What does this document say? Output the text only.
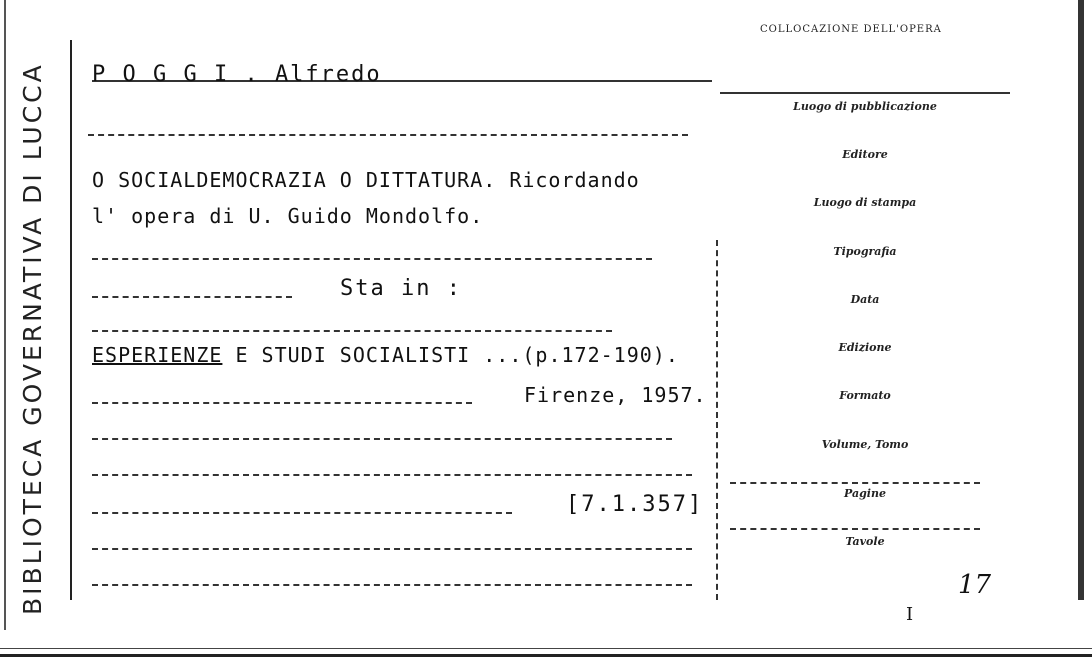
BIBLIOTECA GOVERNATIVA DI LUCCA
COLLOCAZIONE DELL'OPERA
P O G G I . Alfredo
O SOCIALDEMOCRAZIA O DITTATURA. Ricordando
l' opera di U. Guido Mondolfo.
Sta in :
ESPERIENZE E STUDI SOCIALISTI ...(p.172-190).
Firenze, 1957.
[7.1.357]
Luogo di pubblicazione
Editore
Luogo di stampa
Tipografia
Data
Edizione
Formato
Volume, Tomo
Pagine
Tavole
17
I
